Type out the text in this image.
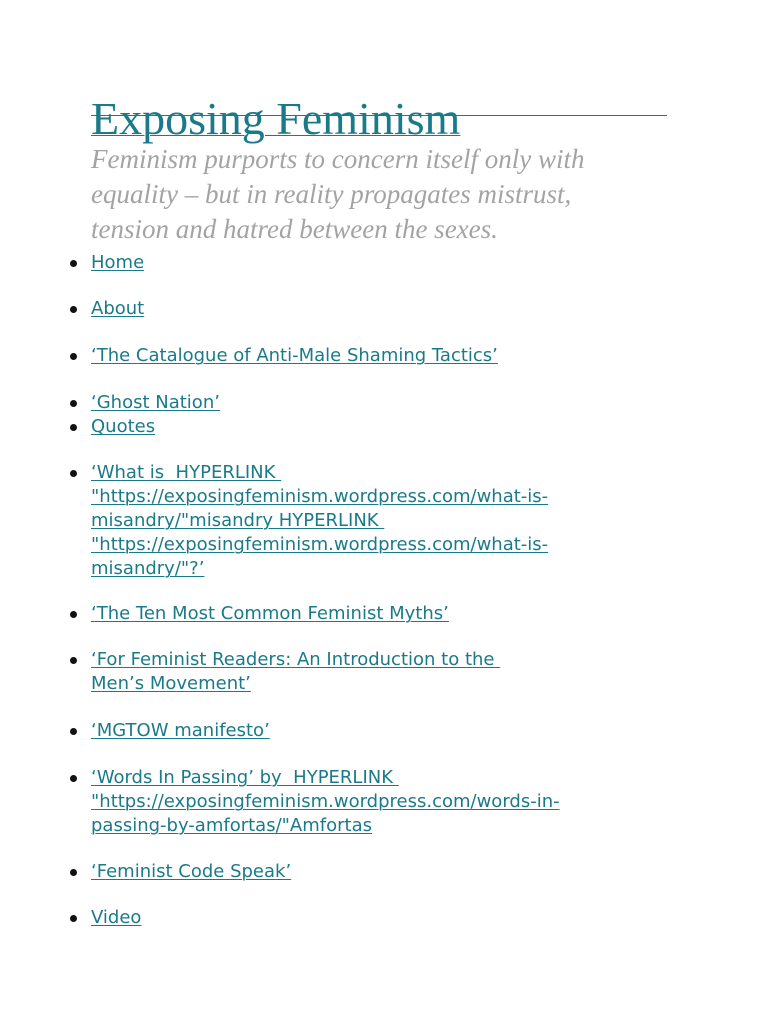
Exposing Feminism

Feminism purports to concern itself only with equality – but in reality propagates mistrust, tension and hatred between the sexes.

Home
About
‘The Catalogue of Anti-Male Shaming Tactics’
‘Ghost Nation’
Quotes
‘What is  HYPERLINK "https://exposingfeminism.wordpress.com/what-is-misandry/"misandry HYPERLINK "https://exposingfeminism.wordpress.com/what-is-misandry/"?’
‘The Ten Most Common Feminist Myths’
‘For Feminist Readers: An Introduction to the Men’s Movement’
‘MGTOW manifesto’
‘Words In Passing’ by  HYPERLINK "https://exposingfeminism.wordpress.com/words-in-passing-by-amfortas/"Amfortas
‘Feminist Code Speak’
Video
